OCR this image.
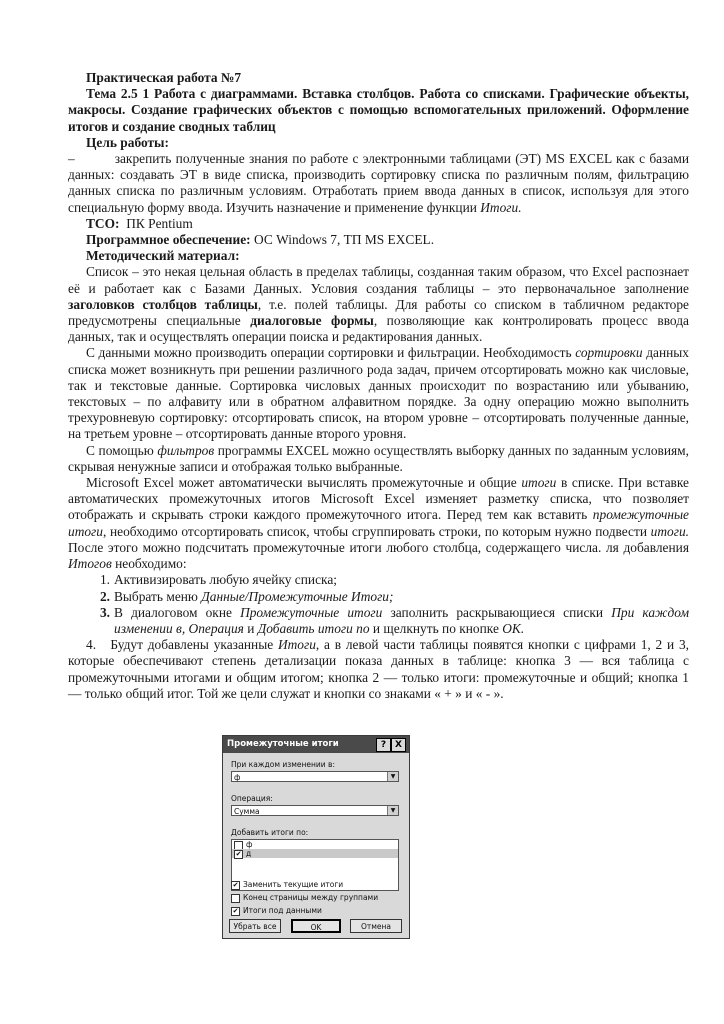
Практическая работа №7

Тема 2.5 1 Работа с диаграммами. Вставка столбцов. Работа со списками. Графические объекты, макросы. Создание графических объектов с помощью вспомогательных приложений. Оформление итогов и создание сводных таблиц

Цель работы:

–	закрепить полученные знания по работе с электронными таблицами (ЭТ) MS EXCEL как с базами данных: создавать ЭТ в виде списка, производить сортировку списка по различным полям, фильтрацию данных списка по различным условиям. Отработать прием ввода данных в список, используя для этого специальную форму ввода. Изучить назначение и применение функции Итоги.

ТСО: ПК Pentium

Программное обеспечение: ОС Windows 7, ТП MS EXCEL.

Методический материал:

Список – это некая цельная область в пределах таблицы, созданная таким образом, что Excel распознает её и работает как с Базами Данных. Условия создания таблицы – это первоначальное заполнение заголовков столбцов таблицы, т.е. полей таблицы. Для работы со списком в табличном редакторе предусмотрены специальные диалоговые формы, позволяющие как контролировать процесс ввода данных, так и осуществлять операции поиска и редактирования данных.

С данными можно производить операции сортировки и фильтрации. Необходимость сортировки данных списка может возникнуть при решении различного рода задач, причем отсортировать можно как числовые, так и текстовые данные. Сортировка числовых данных происходит по возрастанию или убыванию, текстовых – по алфавиту или в обратном алфавитном порядке. За одну операцию можно выполнить трехуровневую сортировку: отсортировать список, на втором уровне – отсортировать полученные данные, на третьем уровне – отсортировать данные второго уровня.

С помощью фильтров программы EXCEL можно осуществлять выборку данных по заданным условиям, скрывая ненужные записи и отображая только выбранные.

Microsoft Excel может автоматически вычислять промежуточные и общие итоги в списке. При вставке автоматических промежуточных итогов Microsoft Excel изменяет разметку списка, что позволяет отображать и скрывать строки каждого промежуточного итога. Перед тем как вставить промежуточные итоги, необходимо отсортировать список, чтобы сгруппировать строки, по которым нужно подвести итоги. После этого можно подсчитать промежуточные итоги любого столбца, содержащего числа. ля добавления Итогов необходимо:

1. Активизировать любую ячейку списка;
2. Выбрать меню Данные/Промежуточные Итоги;
3. В диалоговом окне Промежуточные итоги заполнить раскрывающиеся списки При каждом изменении в, Операция и Добавить итоги по и щелкнуть по кнопке OK.

4. Будут добавлены указанные Итоги, а в левой части таблицы появятся кнопки с цифрами 1, 2 и 3, которые обеспечивают степень детализации показа данных в таблице: кнопка 3 — вся таблица с промежуточными итогами и общим итогом; кнопка 2 — только итоги: промежуточные и общий; кнопка 1 — только общий итог. Той же цели служат и кнопки со знаками « + » и « - ».

Промежуточные итоги	? X
При каждом изменении в:
ф	▼
Операция:
Сумма	▼
Добавить итоги по:
ф
✔ д
✔ Заменить текущие итоги
Конец страницы между группами
✔ Итоги под данными
Убрать все	OK	Отмена
